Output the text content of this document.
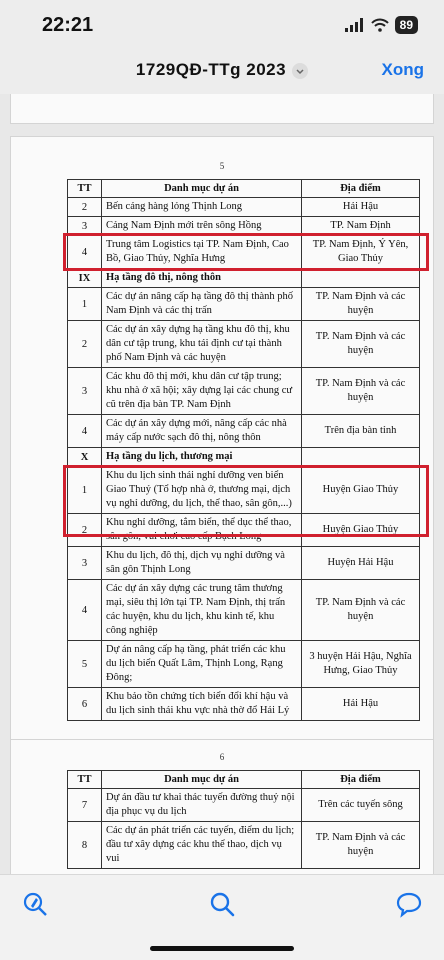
22:21	89
1729QĐ-TTg 2023	Xong
5
TT	Danh mục dự án	Địa điểm
2	Bến cảng hàng lỏng Thịnh Long	Hải Hậu
3	Cảng Nam Định mới trên sông Hồng	TP. Nam Định
4	Trung tâm Logistics tại TP. Nam Định, Cao Bồ, Giao Thủy, Nghĩa Hưng	TP. Nam Định, Ý Yên, Giao Thủy
IX	Hạ tầng đô thị, nông thôn	
1	Các dự án nâng cấp hạ tầng đô thị thành phố Nam Định và các thị trấn	TP. Nam Định và các huyện
2	Các dự án xây dựng hạ tầng khu đô thị, khu dân cư tập trung, khu tái định cư tại thành phố Nam Định và các huyện	TP. Nam Định và các huyện
3	Các khu đô thị mới, khu dân cư tập trung; khu nhà ở xã hội; xây dựng lại các chung cư cũ trên địa bàn TP. Nam Định	TP. Nam Định và các huyện
4	Các dự án xây dựng mới, nâng cấp các nhà máy cấp nước sạch đô thị, nông thôn	Trên địa bàn tỉnh
X	Hạ tầng du lịch, thương mại	
1	Khu du lịch sinh thái nghỉ dưỡng ven biển Giao Thuỷ (Tổ hợp nhà ở, thương mại, dịch vụ nghỉ dưỡng, du lịch, thể thao, sân gôn,...)	Huyện Giao Thủy
2	Khu nghỉ dưỡng, tắm biển, thể dục thể thao, sân gôn, vui chơi cao cấp Bạch Long	Huyện Giao Thủy
3	Khu du lịch, đô thị, dịch vụ nghỉ dưỡng và sân gôn Thịnh Long	Huyện Hải Hậu
4	Các dự án xây dựng các trung tâm thương mại, siêu thị lớn tại TP. Nam Định, thị trấn các huyện, khu du lịch, khu kinh tế, khu công nghiệp	TP. Nam Định và các huyện
5	Dự án nâng cấp hạ tầng, phát triển các khu du lịch biển Quất Lâm, Thịnh Long, Rạng Đông;	3 huyện Hải Hậu, Nghĩa Hưng, Giao Thủy
6	Khu bảo tồn chứng tích biển đổi khí hậu và du lịch sinh thái khu vực nhà thờ đổ Hải Lý	Hải Hậu
6
TT	Danh mục dự án	Địa điểm
7	Dự án đầu tư khai thác tuyến đường thuỷ nội địa phục vụ du lịch	Trên các tuyến sông
8	Các dự án phát triển các tuyến, điểm du lịch; đầu tư xây dựng các khu thể thao, dịch vụ vui	TP. Nam Định và các huyện
